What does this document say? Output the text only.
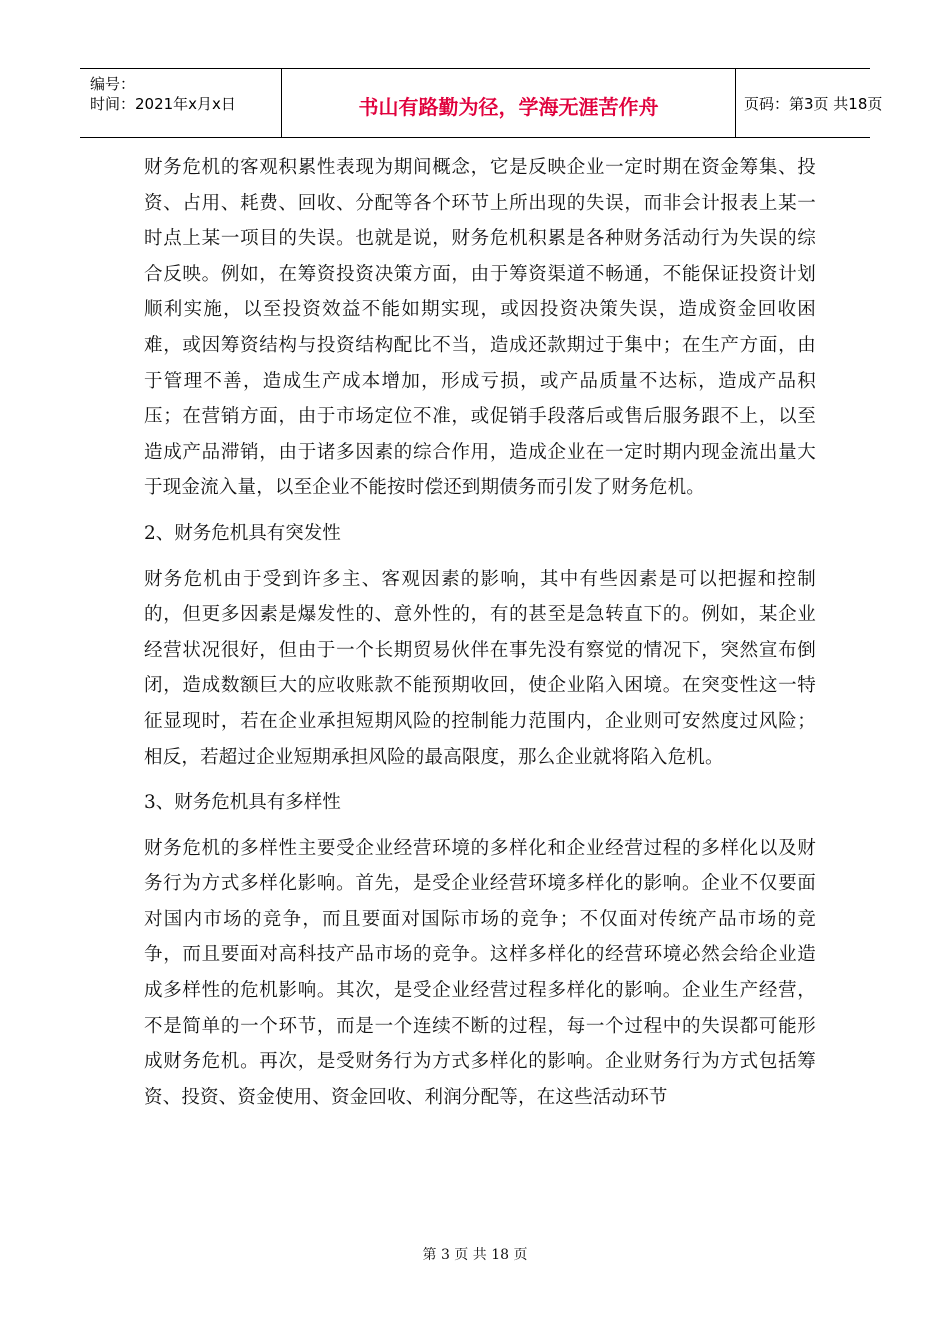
编号：
时间：2021年x月x日	书山有路勤为径，学海无涯苦作舟	页码：第3页 共18页

财务危机的客观积累性表现为期间概念，它是反映企业一定时期在资金筹集、投资、占用、耗费、回收、分配等各个环节上所出现的失误，而非会计报表上某一时点上某一项目的失误。也就是说，财务危机积累是各种财务活动行为失误的综合反映。例如，在筹资投资决策方面，由于筹资渠道不畅通，不能保证投资计划顺利实施，以至投资效益不能如期实现，或因投资决策失误，造成资金回收困难，或因筹资结构与投资结构配比不当，造成还款期过于集中；在生产方面，由于管理不善，造成生产成本增加，形成亏损，或产品质量不达标，造成产品积压；在营销方面，由于市场定位不准，或促销手段落后或售后服务跟不上，以至造成产品滞销，由于诸多因素的综合作用，造成企业在一定时期内现金流出量大于现金流入量，以至企业不能按时偿还到期债务而引发了财务危机。

2、财务危机具有突发性

财务危机由于受到许多主、客观因素的影响，其中有些因素是可以把握和控制的，但更多因素是爆发性的、意外性的，有的甚至是急转直下的。例如，某企业经营状况很好，但由于一个长期贸易伙伴在事先没有察觉的情况下，突然宣布倒闭，造成数额巨大的应收账款不能预期收回，使企业陷入困境。在突变性这一特征显现时，若在企业承担短期风险的控制能力范围内，企业则可安然度过风险；相反，若超过企业短期承担风险的最高限度，那么企业就将陷入危机。

3、财务危机具有多样性

财务危机的多样性主要受企业经营环境的多样化和企业经营过程的多样化以及财务行为方式多样化影响。首先，是受企业经营环境多样化的影响。企业不仅要面对国内市场的竞争，而且要面对国际市场的竞争；不仅面对传统产品市场的竞争，而且要面对高科技产品市场的竞争。这样多样化的经营环境必然会给企业造成多样性的危机影响。其次，是受企业经营过程多样化的影响。企业生产经营，不是简单的一个环节，而是一个连续不断的过程，每一个过程中的失误都可能形成财务危机。再次，是受财务行为方式多样化的影响。企业财务行为方式包括筹资、投资、资金使用、资金回收、利润分配等，在这些活动环节

第 3 页 共 18 页
